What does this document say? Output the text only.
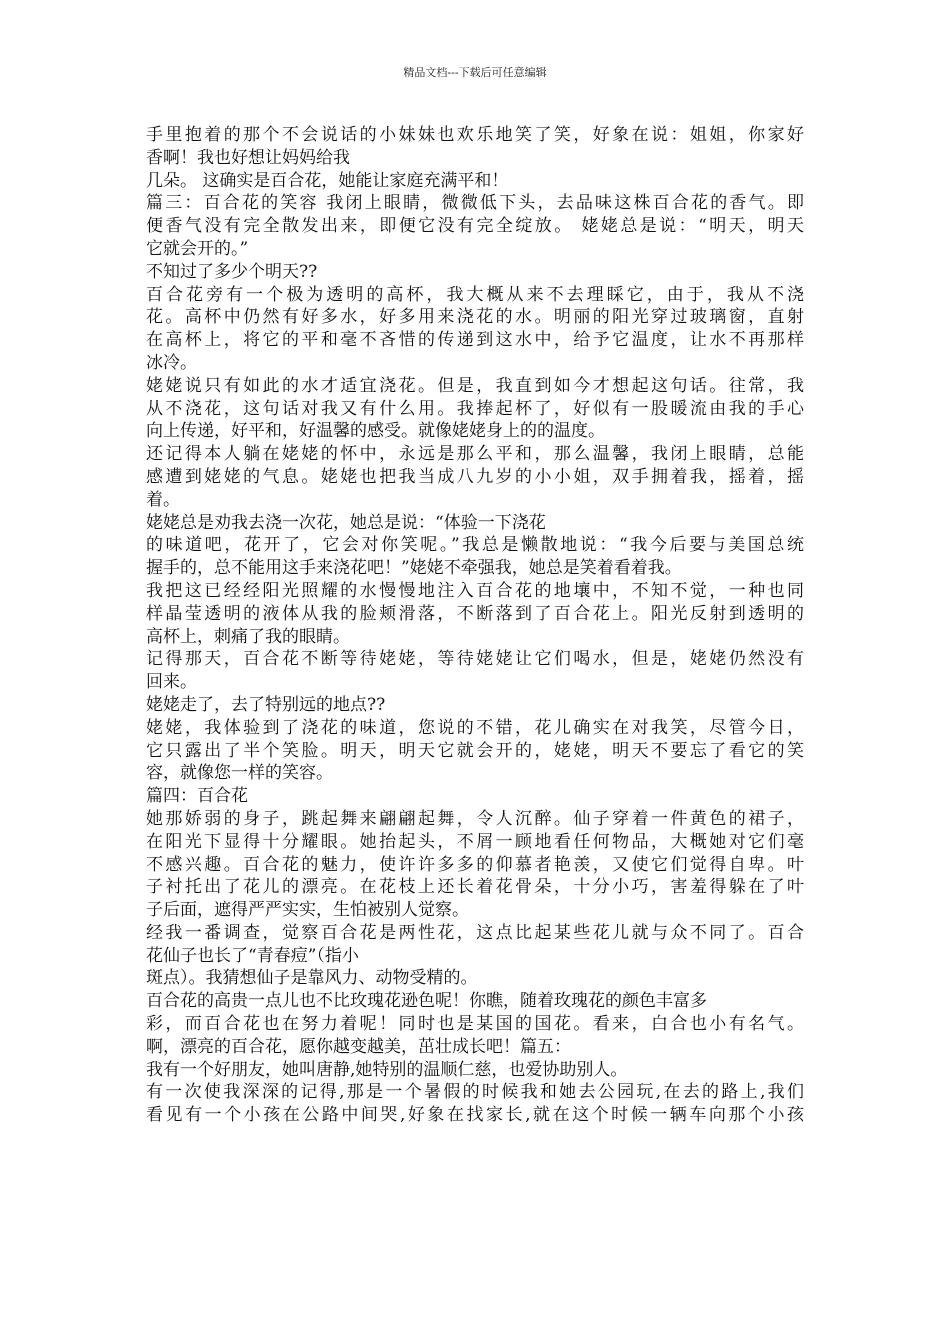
精品文档---下载后可任意编辑
手里抱着的那个不会说话的小妹妹也欢乐地笑了笑，好象在说：姐姐，你家好
香啊！我也好想让妈妈给我
几朵。 这确实是百合花，她能让家庭充满平和！
篇三：百合花的笑容 我闭上眼睛，微微低下头，去品味这株百合花的香气。即
便香气没有完全散发出来，即便它没有完全绽放。 姥姥总是说：“明天，明天
它就会开的。”
不知过了多少个明天??
百合花旁有一个极为透明的高杯，我大概从来不去理睬它，由于，我从不浇
花。高杯中仍然有好多水，好多用来浇花的水。明丽的阳光穿过玻璃窗，直射
在高杯上，将它的平和毫不吝惜的传递到这水中，给予它温度，让水不再那样
冰冷。
姥姥说只有如此的水才适宜浇花。但是，我直到如今才想起这句话。往常，我
从不浇花，这句话对我又有什么用。我捧起杯了，好似有一股暖流由我的手心
向上传递，好平和，好温馨的感受。就像姥姥身上的的温度。
还记得本人躺在姥姥的怀中，永远是那么平和，那么温馨，我闭上眼睛，总能
感遭到姥姥的气息。姥姥也把我当成八九岁的小小姐，双手拥着我，摇着，摇
着。
姥姥总是劝我去浇一次花，她总是说：“体验一下浇花
的味道吧，花开了，它会对你笑呢。”我总是懒散地说：“我今后要与美国总统
握手的，总不能用这手来浇花吧！”姥姥不牵强我，她总是笑着看着我。
我把这已经经阳光照耀的水慢慢地注入百合花的地壤中，不知不觉，一种也同
样晶莹透明的液体从我的脸颊滑落，不断落到了百合花上。阳光反射到透明的
高杯上，刺痛了我的眼睛。
记得那天，百合花不断等待姥姥，等待姥姥让它们喝水，但是，姥姥仍然没有
回来。
姥姥走了，去了特别远的地点??
姥姥，我体验到了浇花的味道，您说的不错，花儿确实在对我笑，尽管今日，
它只露出了半个笑脸。明天，明天它就会开的，姥姥，明天不要忘了看它的笑
容，就像您一样的笑容。
篇四：百合花
她那娇弱的身子，跳起舞来翩翩起舞，令人沉醉。仙子穿着一件黄色的裙子，
在阳光下显得十分耀眼。她抬起头，不屑一顾地看任何物品，大概她对它们毫
不感兴趣。百合花的魅力，使许许多多的仰慕者艳羡，又使它们觉得自卑。叶
子衬托出了花儿的漂亮。在花枝上还长着花骨朵，十分小巧，害羞得躲在了叶
子后面，遮得严严实实，生怕被别人觉察。
经我一番调查，觉察百合花是两性花，这点比起某些花儿就与众不同了。百合
花仙子也长了“青春痘”（指小
斑点）。我猜想仙子是靠风力、动物受精的。
百合花的高贵一点儿也不比玫瑰花逊色呢！你瞧，随着玫瑰花的颜色丰富多
彩，而百合花也在努力着呢！同时也是某国的国花。看来，白合也小有名气。
啊，漂亮的百合花，愿你越变越美，茁壮成长吧！篇五：
我有一个好朋友，她叫唐静,她特别的温顺仁慈，也爱协助别人。
有一次使我深深的记得,那是一个暑假的时候我和她去公园玩,在去的路上,我们
看见有一个小孩在公路中间哭,好象在找家长,就在这个时候一辆车向那个小孩
